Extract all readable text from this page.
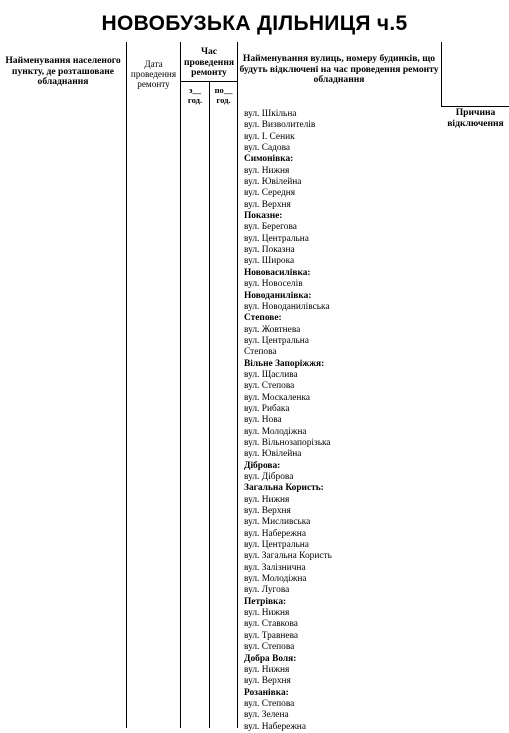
НОВОБУЗЬКА ДІЛЬНИЦЯ ч.5
Найменування населеного пункту, де розташоване обладнання
Дата проведення ремонту
Час проведення ремонту
з__ год.
по__ год.
Найменування вулиць, номеру будинків, що будуть відключені на час проведення ремонту обладнання
Причина відключення
вул. Шкільна
вул. Визволителів
вул. І. Сеник
вул. Садова
Симонівка:
вул. Нижня
вул. Ювілейна
вул. Середня
вул. Верхня
Показне:
вул. Берегова
вул. Центральна
вул. Показна
вул. Широка
Нововасилівка:
вул. Новоселів
Новоданилівка:
вул. Новоданилівська
Степове:
вул. Жовтнева
вул. Центральна
Степова
Вільне Запоріжжя:
вул. Щаслива
вул. Степова
вул. Москаленка
вул. Рибака
вул. Нова
вул. Молодіжна
вул. Вільнозапорізька
вул. Ювілейна
Діброва:
вул. Діброва
Загальна Користь:
вул. Нижня
вул. Верхня
вул. Мисливська
вул. Набережна
вул. Центральна
вул. Загальна Користь
вул. Залізнична
вул. Молодіжна
вул. Лугова
Петрівка:
вул. Нижня
вул. Ставкова
вул. Травнева
вул. Степова
Добра Воля:
вул. Нижня
вул. Верхня
Розанівка:
вул. Степова
вул. Зелена
вул. Набережна
